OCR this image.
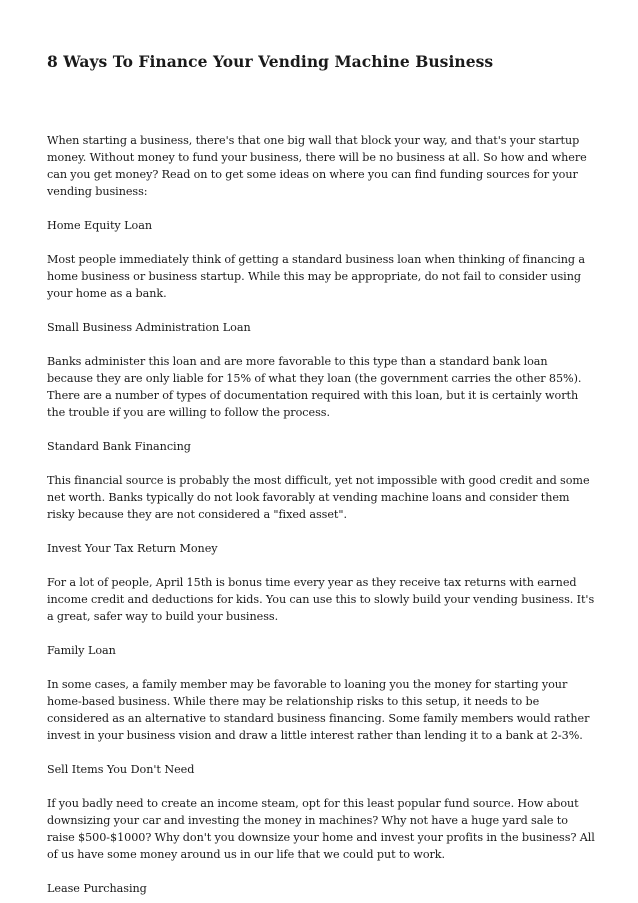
8 Ways To Finance Your Vending Machine Business

When starting a business, there's that one big wall that block your way, and that's your startup money. Without money to fund your business, there will be no business at all. So how and where can you get money? Read on to get some ideas on where you can find funding sources for your vending business:

Home Equity Loan

Most people immediately think of getting a standard business loan when thinking of financing a home business or business startup. While this may be appropriate, do not fail to consider using your home as a bank.

Small Business Administration Loan

Banks administer this loan and are more favorable to this type than a standard bank loan because they are only liable for 15% of what they loan (the government carries the other 85%). There are a number of types of documentation required with this loan, but it is certainly worth the trouble if you are willing to follow the process.

Standard Bank Financing

This financial source is probably the most difficult, yet not impossible with good credit and some net worth. Banks typically do not look favorably at vending machine loans and consider them risky because they are not considered a "fixed asset".

Invest Your Tax Return Money

For a lot of people, April 15th is bonus time every year as they receive tax returns with earned income credit and deductions for kids. You can use this to slowly build your vending business. It's a great, safer way to build your business.

Family Loan

In some cases, a family member may be favorable to loaning you the money for starting your home-based business. While there may be relationship risks to this setup, it needs to be considered as an alternative to standard business financing. Some family members would rather invest in your business vision and draw a little interest rather than lending it to a bank at 2-3%.

Sell Items You Don't Need

If you badly need to create an income steam, opt for this least popular fund source. How about downsizing your car and investing the money in machines? Why not have a huge yard sale to raise $500-$1000? Why don't you downsize your home and invest your profits in the business? All of us have some money around us in our life that we could put to work.

Lease Purchasing
